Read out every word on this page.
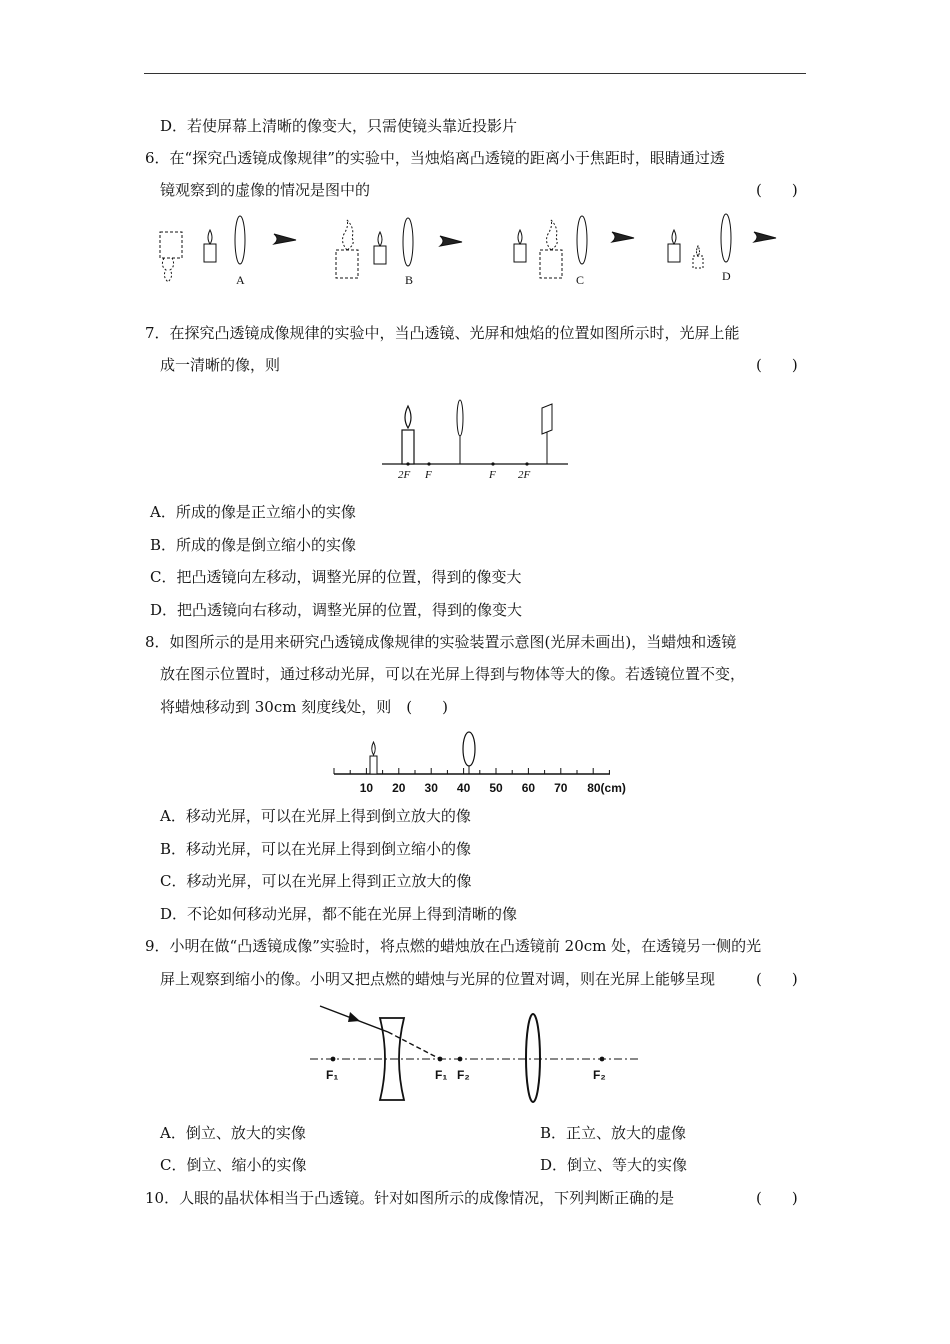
D．若使屏幕上清晰的像变大，只需使镜头靠近投影片
6．在“探究凸透镜成像规律”的实验中，当烛焰离凸透镜的距离小于焦距时，眼睛通过透
镜观察到的虚像的情况是图中的	(　　)
A	B	C	D
7．在探究凸透镜成像规律的实验中，当凸透镜、光屏和烛焰的位置如图所示时，光屏上能
成一清晰的像，则	(　　)
2F F	F 2F
A．所成的像是正立缩小的实像
B．所成的像是倒立缩小的实像
C．把凸透镜向左移动，调整光屏的位置，得到的像变大
D．把凸透镜向右移动，调整光屏的位置，得到的像变大
8．如图所示的是用来研究凸透镜成像规律的实验装置示意图(光屏未画出)，当蜡烛和透镜
放在图示位置时，通过移动光屏，可以在光屏上得到与物体等大的像。若透镜位置不变，
将蜡烛移动到 30cm 刻度线处，则　(　　)
10 20 30 40 50 60 70 80(cm)
A．移动光屏，可以在光屏上得到倒立放大的像
B．移动光屏，可以在光屏上得到倒立缩小的像
C．移动光屏，可以在光屏上得到正立放大的像
D．不论如何移动光屏，都不能在光屏上得到清晰的像
9．小明在做“凸透镜成像”实验时，将点燃的蜡烛放在凸透镜前 20cm 处，在透镜另一侧的光
屏上观察到缩小的像。小明又把点燃的蜡烛与光屏的位置对调，则在光屏上能够呈现	(　　)
F₁	F₁ F₂	F₂
A．倒立、放大的实像	B．正立、放大的虚像
C．倒立、缩小的实像	D．倒立、等大的实像
10．人眼的晶状体相当于凸透镜。针对如图所示的成像情况，下列判断正确的是	(　　)
